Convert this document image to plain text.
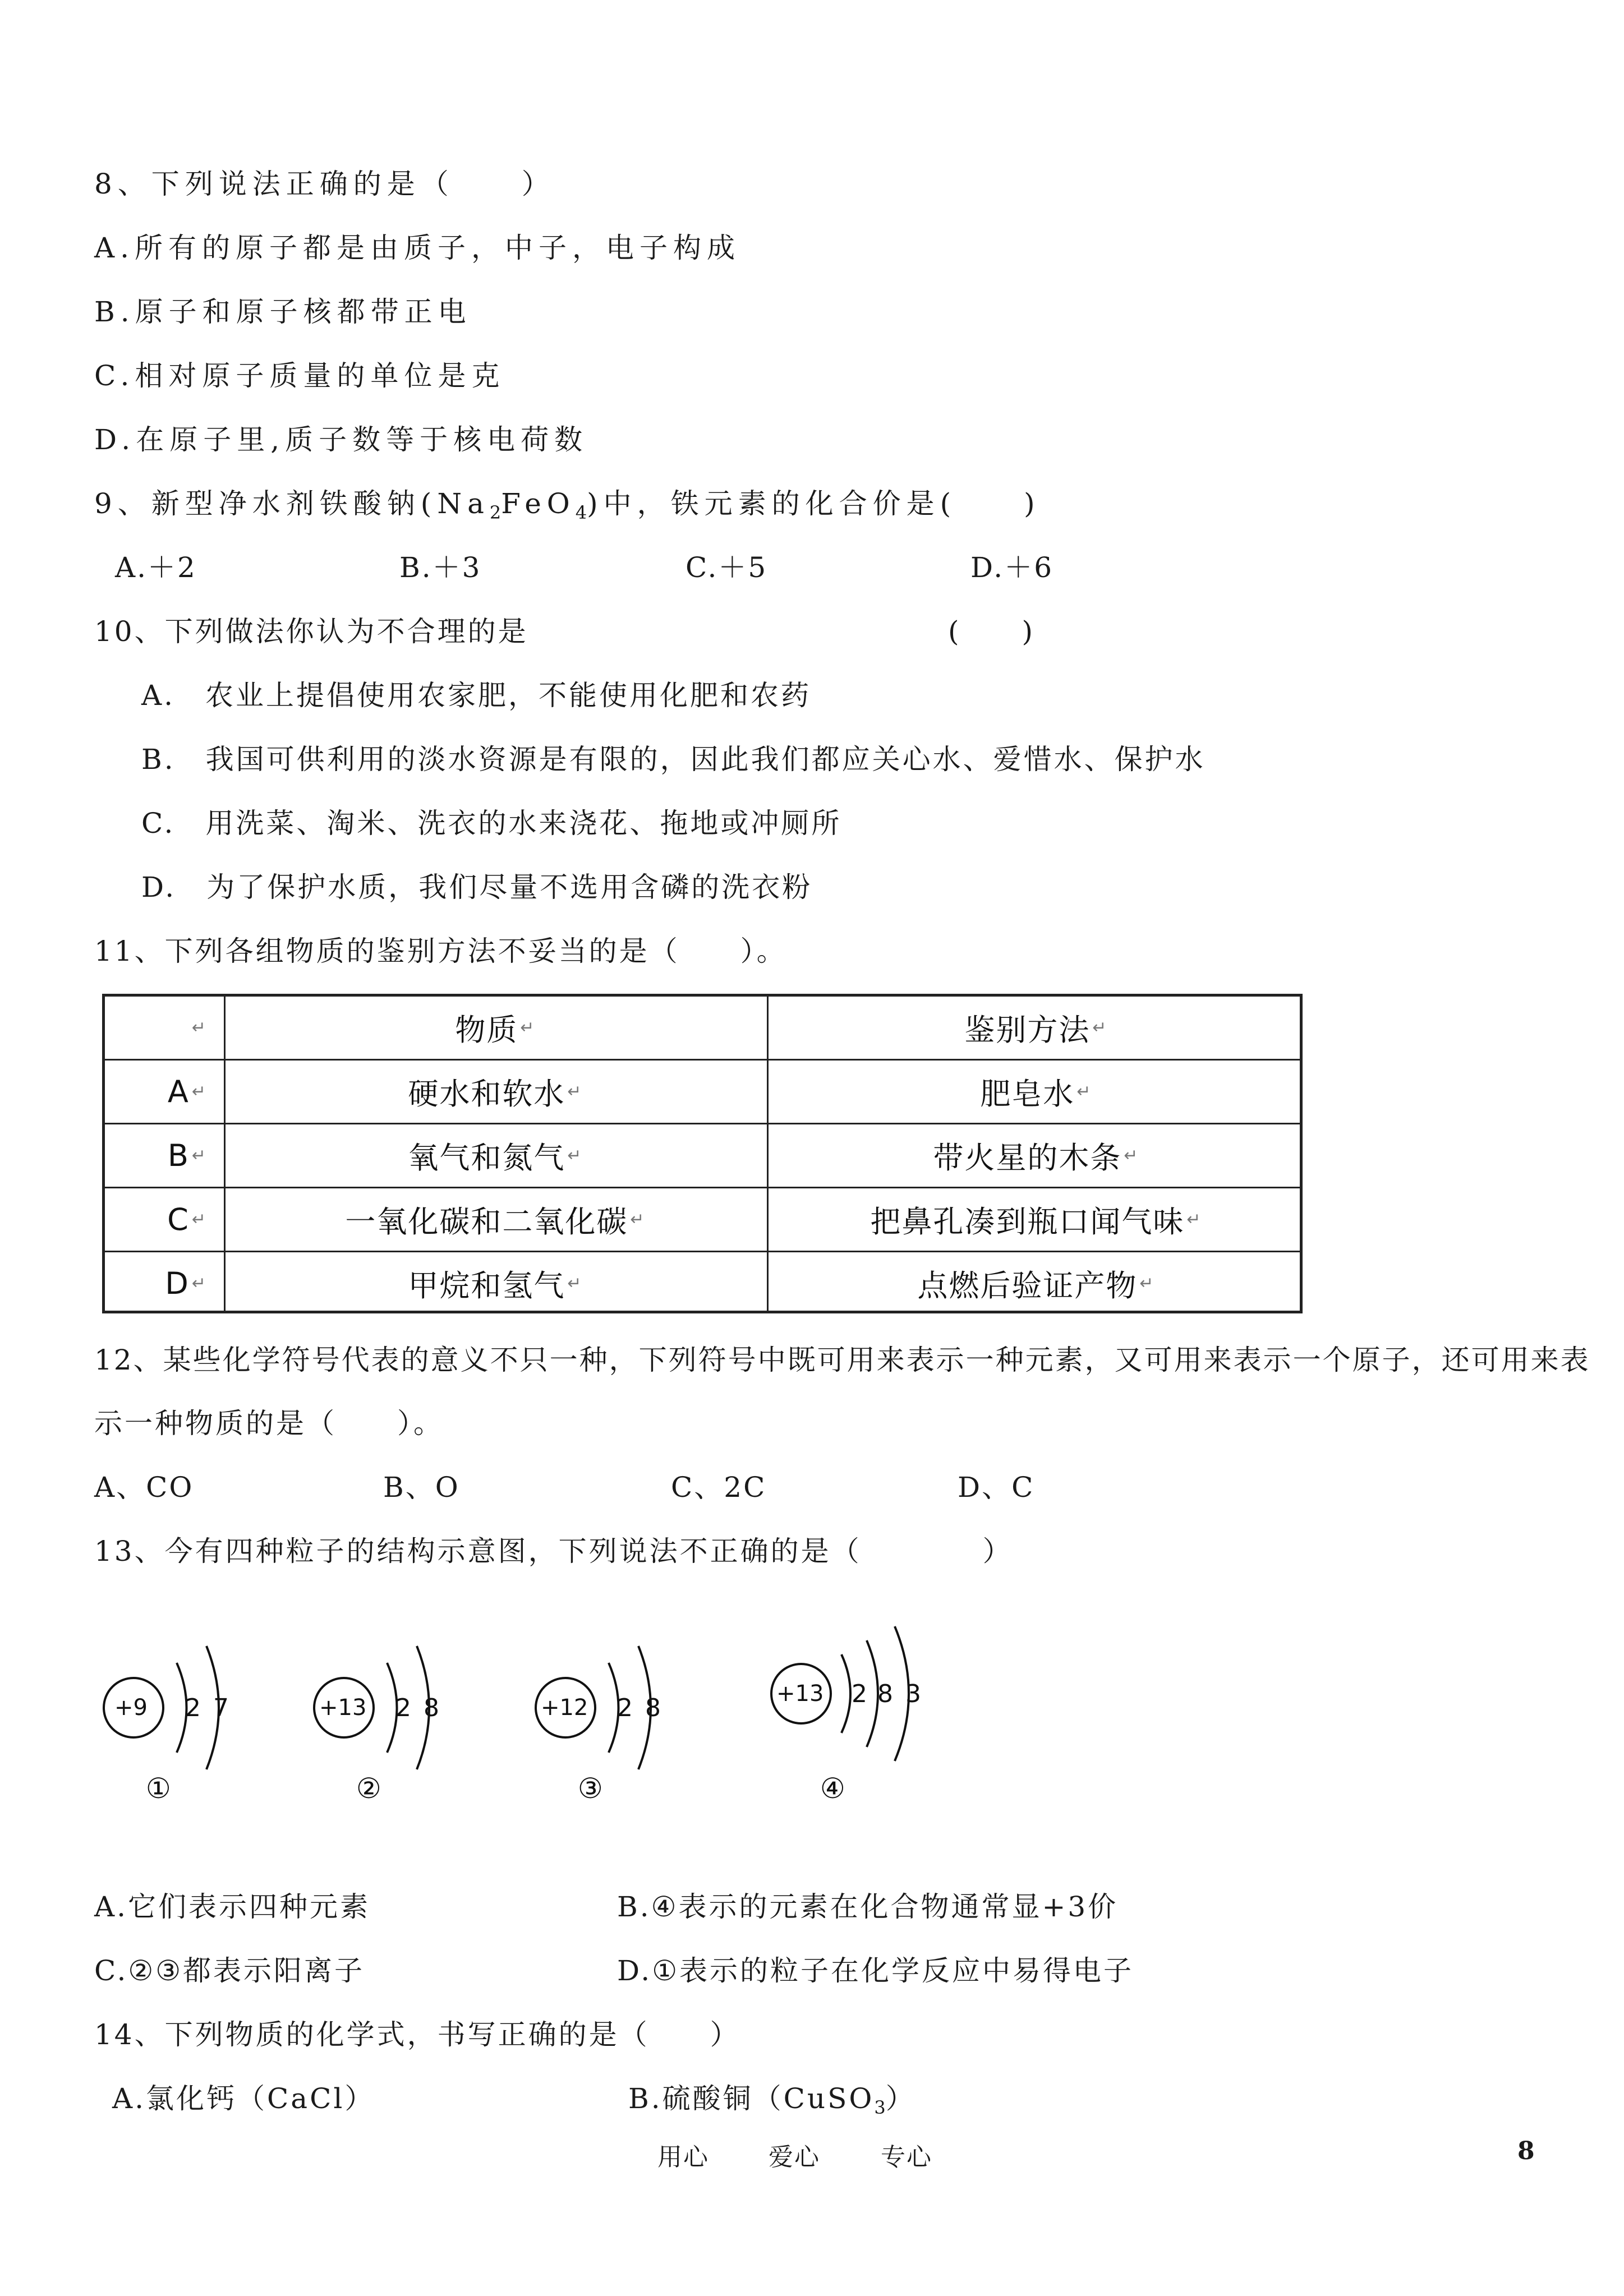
8、下列说法正确的是（　　）
A.所有的原子都是由质子，中子，电子构成
B.原子和原子核都带正电
C.相对原子质量的单位是克
D.在原子里,质子数等于核电荷数
9、新型净水剂铁酸钠$(Na_2FeO_4)$中，铁元素的化合价是(　　)
A.＋2	B.＋3	C.＋5	D.＋6
10、下列做法你认为不合理的是	(　　)
A.　农业上提倡使用农家肥，不能使用化肥和农药
B.　我国可供利用的淡水资源是有限的，因此我们都应关心水、爱惜水、保护水
C.　用洗菜、淘米、洗衣的水来浇花、拖地或冲厕所
D.　为了保护水质，我们尽量不选用含磷的洗衣粉
11、下列各组物质的鉴别方法不妥当的是（　　）。
↵	物质 ↵	鉴别方法 ↵
A ↵	硬水和软水 ↵	肥皂水 ↵
B ↵	氧气和氮气 ↵	带火星的木条 ↵
C ↵	一氧化碳和二氧化碳 ↵	把鼻孔凑到瓶口闻气味 ↵
D ↵	甲烷和氢气 ↵	点燃后验证产物 ↵
12、某些化学符号代表的意义不只一种，下列符号中既可用来表示一种元素，又可用来表示一个原子，还可用来表
示一种物质的是（　　）。
A、CO	B、O	C、2C	D、C
13、今有四种粒子的结构示意图，下列说法不正确的是（　　　　）
+9 2 7
①
+13 2 8
②
+12 2 8
③
+13 2 8 3
④
A.它们表示四种元素	B.④表示的元素在化合物通常显+3价
C.②③都表示阳离子	D.①表示的粒子在化学反应中易得电子
14、下列物质的化学式，书写正确的是（　　）
A.氯化钙（CaCl）	B.硫酸铜（CuSO$_3$）
用心 爱心 专心	8
